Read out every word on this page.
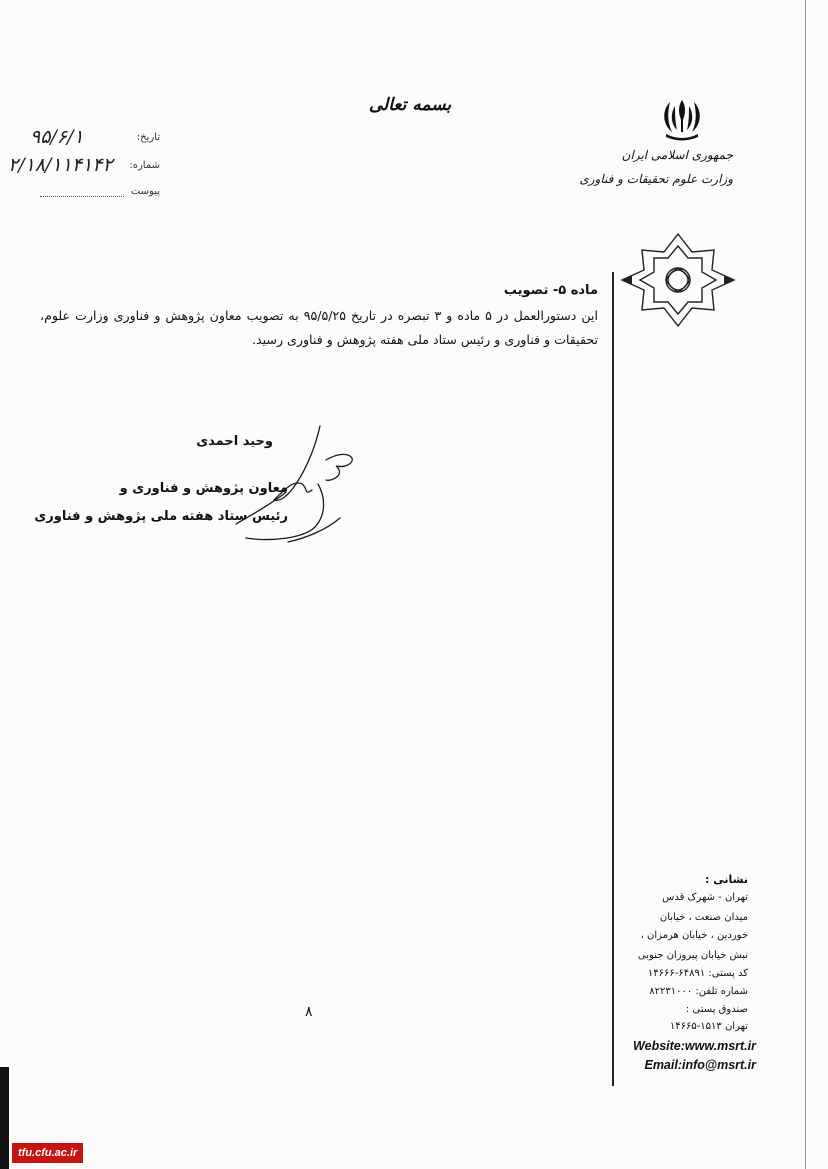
جمهوری اسلامی ایران
وزارت علوم تحقیقات و فناوری
بسمه تعالی
تاریخ:
۹۵/۶/۱
شماره:
۲/۱۸/۱۱۴۱۴۲
پیوست
ماده ۵- تصویب
این دستورالعمل در ۵ ماده و ۳ تبصره در تاریخ ۹۵/۵/۲۵ به تصویب معاون پژوهش و فناوری وزارت علوم، تحقیقات و فناوری و رئیس ستاد ملی هفته پژوهش و فناوری رسید.
وحید احمدی
معاون پژوهش و فناوری و
رئیس ستاد هفته ملی پژوهش و فناوری
۸
نشانی :
تهران - شهرک قدس
میدان صنعت ، خیابان
خوردین ، خیابان هرمزان ،
نبش خیابان پیروزان جنوبی
کد پستی: ۶۴۸۹۱-۱۴۶۶۶
شماره تلفن: ۸۲۲۳۱۰۰۰
صندوق پستی :
تهران ۱۵۱۳-۱۴۶۶۵
Website:www.msrt.ir
Email:info@msrt.ir
tfu.cfu.ac.ir
